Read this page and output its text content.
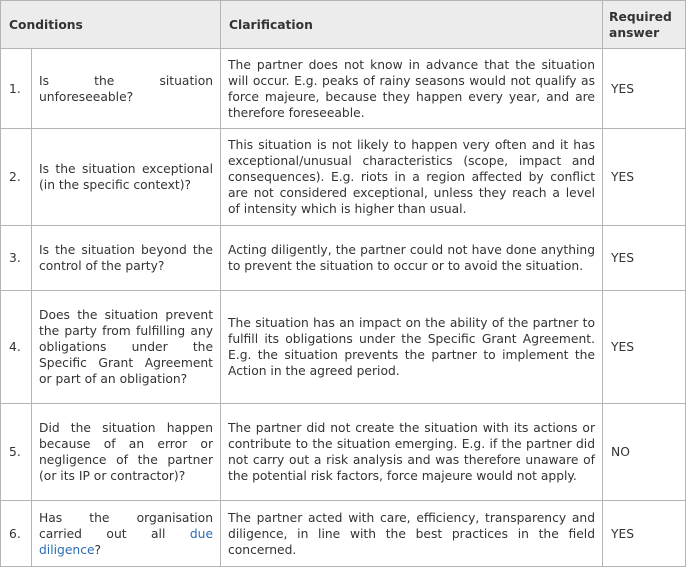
Conditions		Clarification	Required answer
1.	Is the situation unforeseeable?	The partner does not know in advance that the situation will occur. E.g. peaks of rainy seasons would not qualify as force majeure, because they happen every year, and are therefore foreseeable.	YES
2.	Is the situation exceptional (in the specific context)?	This situation is not likely to happen very often and it has exceptional/unusual characteristics (scope, impact and consequences). E.g. riots in a region affected by conflict are not considered exceptional, unless they reach a level of intensity which is higher than usual.	YES
3.	Is the situation beyond the control of the party?	Acting diligently, the partner could not have done anything to prevent the situation to occur or to avoid the situation.	YES
4.	Does the situation prevent the party from fulfilling any obligations under the Specific Grant Agreement or part of an obligation?	The situation has an impact on the ability of the partner to fulfill its obligations under the Specific Grant Agreement. E.g. the situation prevents the partner to implement the Action in the agreed period.	YES
5.	Did the situation happen because of an error or negligence of the partner (or its IP or contractor)?	The partner did not create the situation with its actions or contribute to the situation emerging. E.g. if the partner did not carry out a risk analysis and was therefore unaware of the potential risk factors, force majeure would not apply.	NO
6.	Has the organisation carried out all due diligence?	The partner acted with care, efficiency, transparency and diligence, in line with the best practices in the field concerned.	YES
